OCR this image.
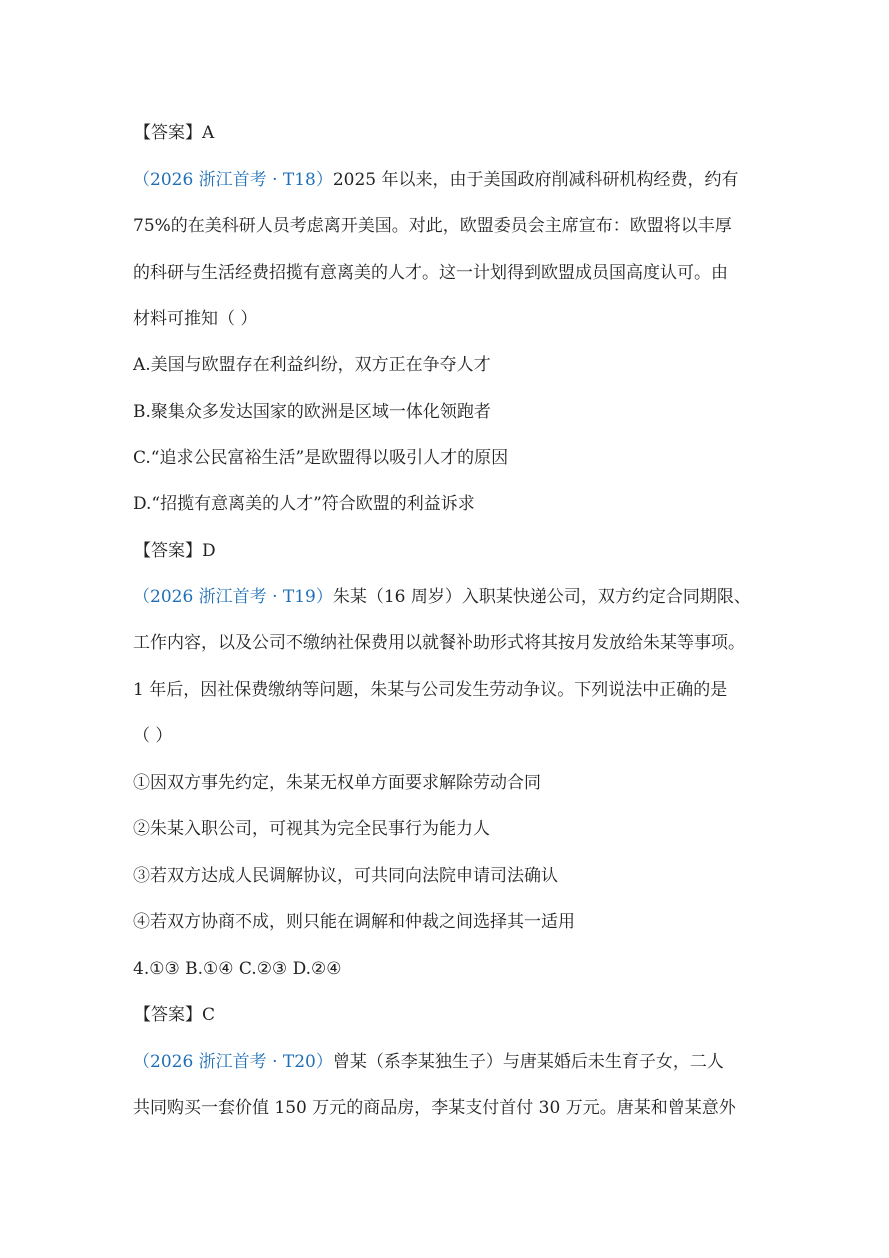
【答案】A
（2026 浙江首考 · T18）2025 年以来，由于美国政府削减科研机构经费，约有
75%的在美科研人员考虑离开美国。对此，欧盟委员会主席宣布：欧盟将以丰厚
的科研与生活经费招揽有意离美的人才。这一计划得到欧盟成员国高度认可。由
材料可推知（ ）
A.美国与欧盟存在利益纠纷，双方正在争夺人才
B.聚集众多发达国家的欧洲是区域一体化领跑者
C.“追求公民富裕生活”是欧盟得以吸引人才的原因
D.“招揽有意离美的人才”符合欧盟的利益诉求
【答案】D
（2026 浙江首考 · T19）朱某（16 周岁）入职某快递公司，双方约定合同期限、
工作内容，以及公司不缴纳社保费用以就餐补助形式将其按月发放给朱某等事项。
1 年后，因社保费缴纳等问题，朱某与公司发生劳动争议。下列说法中正确的是
（ ）
①因双方事先约定，朱某无权单方面要求解除劳动合同
②朱某入职公司，可视其为完全民事行为能力人
③若双方达成人民调解协议，可共同向法院申请司法确认
④若双方协商不成，则只能在调解和仲裁之间选择其一适用
4.①③ B.①④ C.②③ D.②④
【答案】C
（2026 浙江首考 · T20）曾某（系李某独生子）与唐某婚后未生育子女，二人
共同购买一套价值 150 万元的商品房，李某支付首付 30 万元。唐某和曾某意外
